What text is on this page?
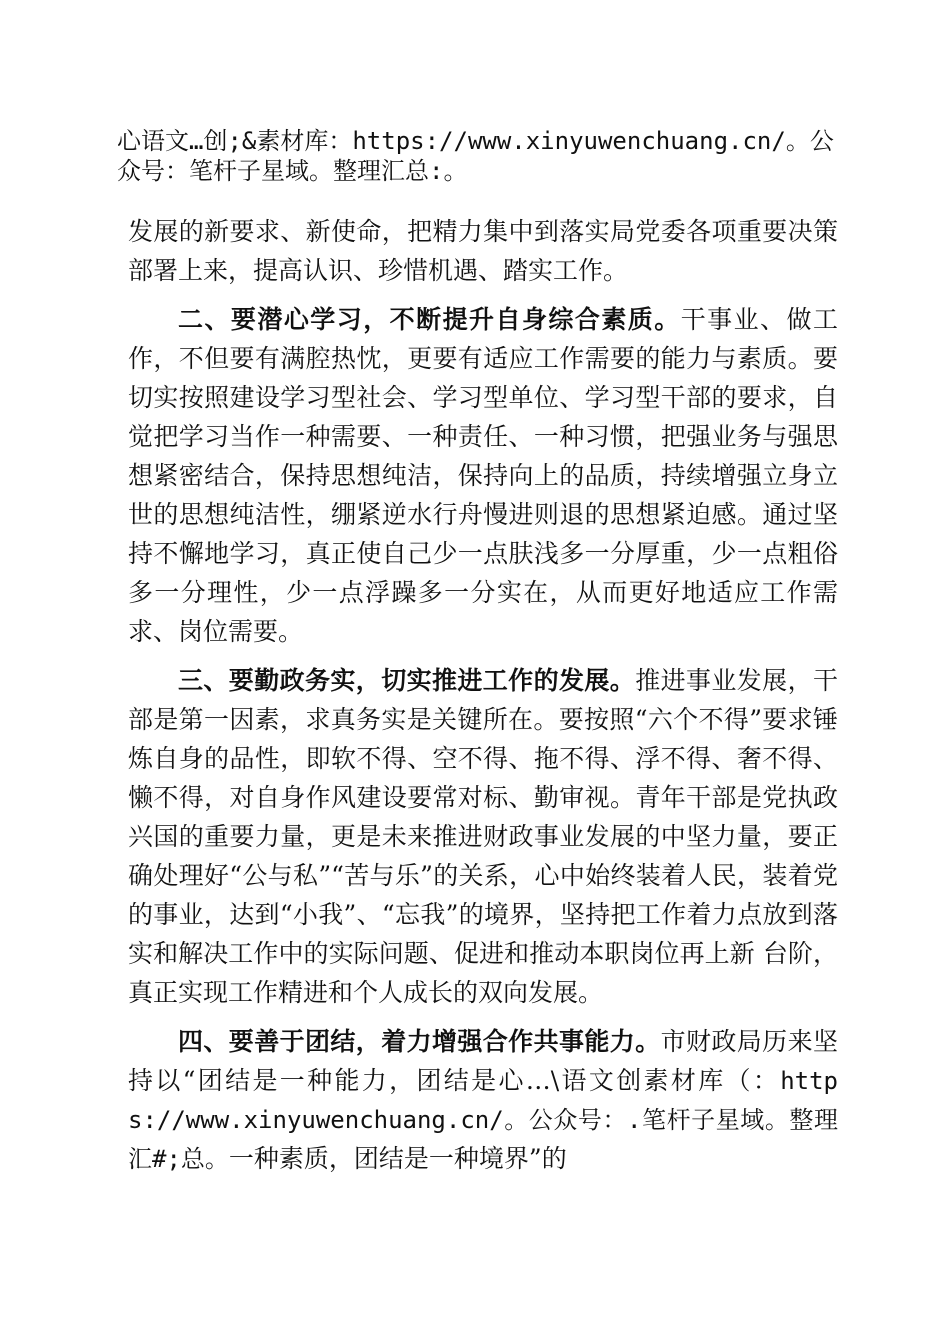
心语文…创;&素材库：https://www.xinyuwenchuang.cn/。公众号：笔杆子星域。整理汇总:。

发展的新要求、新使命，把精力集中到落实局党委各项重要决策部署上来，提高认识、珍惜机遇、踏实工作。

二、要潜心学习，不断提升自身综合素质。干事业、做工作，不但要有满腔热忱，更要有适应工作需要的能力与素质。要切实按照建设学习型社会、学习型单位、学习型干部的要求，自觉把学习当作一种需要、一种责任、一种习惯，把强业务与强思想紧密结合，保持思想纯洁，保持向上的品质，持续增强立身立世的思想纯洁性，绷紧逆水行舟慢进则退的思想紧迫感。通过坚持不懈地学习，真正使自己少一点肤浅多一分厚重，少一点粗俗多一分理性，少一点浮躁多一分实在，从而更好地适应工作需求、岗位需要。

三、要勤政务实，切实推进工作的发展。推进事业发展，干部是第一因素，求真务实是关键所在。要按照“六个不得”要求锤炼自身的品性，即软不得、空不得、拖不得、浮不得、奢不得、懒不得，对自身作风建设要常对标、勤审视。青年干部是党执政 兴国的重要力量，更是未来推进财政事业发展的中坚力量，要正确处理好“公与私”“苦与乐”的关系，心中始终装着人民，装着党的事业，达到“小我”、“忘我”的境界，坚持把工作着力点放到落实和解决工作中的实际问题、促进和推动本职岗位再上新 台阶，真正实现工作精进和个人成长的双向发展。

四、要善于团结，着力增强合作共事能力。市财政局历来坚持以“团结是一种能力，团结是心…\语文创素材库（：https://www.xinyuwenchuang.cn/。公众号：.笔杆子星域。整理汇#;总。一种素质，团结是一种境界”的
